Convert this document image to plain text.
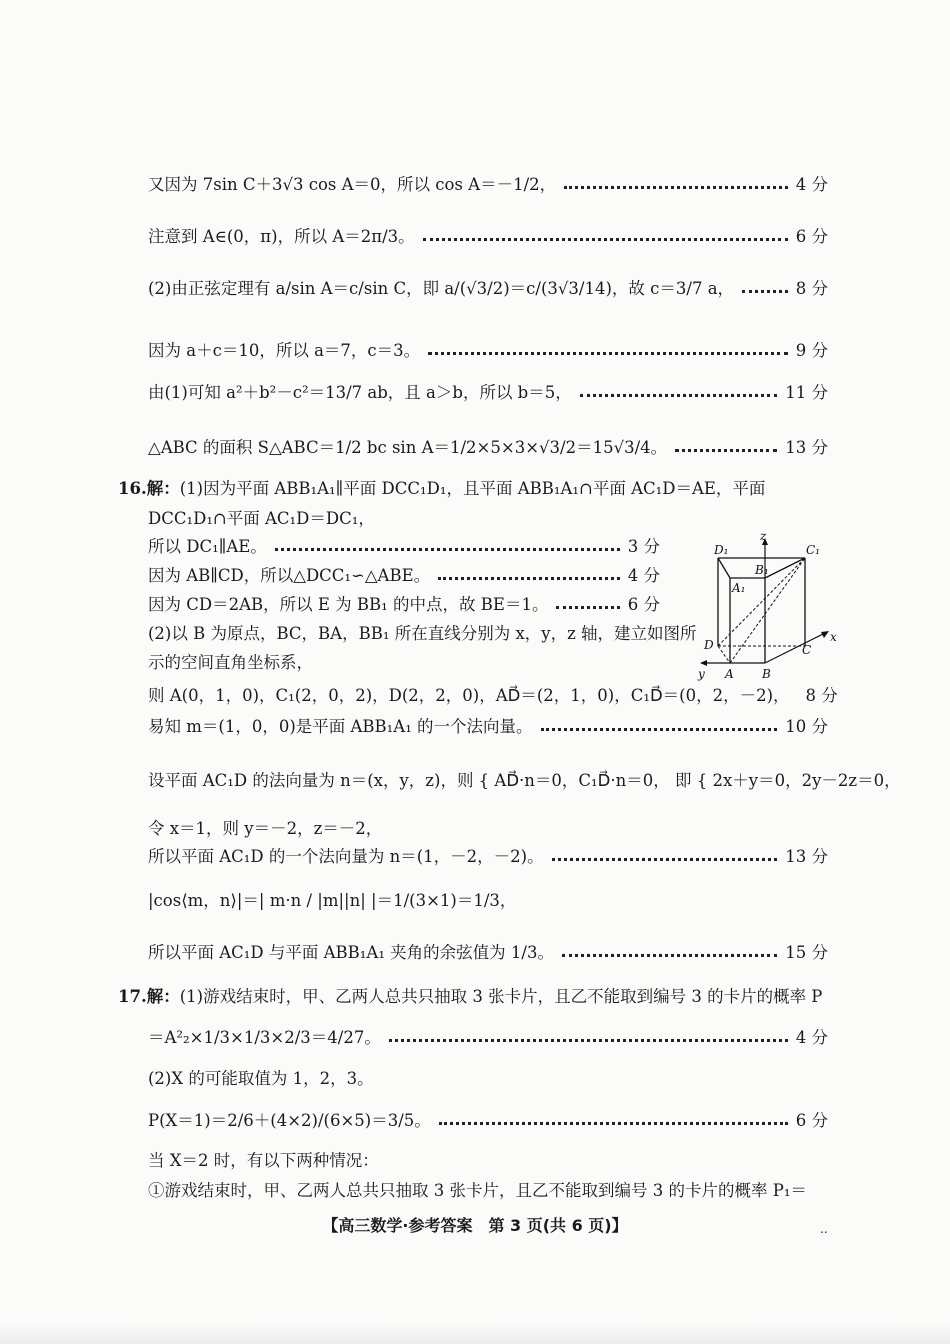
又因为 7sin C＋3√3 cos A＝0，所以 cos A＝－1/2，	4 分
注意到 A∈(0，π)，所以 A＝2π/3。	6 分
(2)由正弦定理有 a/sin A＝c/sin C，即 a/(√3/2)＝c/(3√3/14)，故 c＝3/7 a，	8 分
因为 a＋c＝10，所以 a＝7，c＝3。	9 分
由(1)可知 a²＋b²－c²＝13/7 ab，且 a＞b，所以 b＝5，	11 分
△ABC 的面积 S△ABC＝1/2 bc sin A＝1/2×5×3×√3/2＝15√3/4。	13 分
16.解：(1)因为平面 ABB₁A₁∥平面 DCC₁D₁，且平面 ABB₁A₁∩平面 AC₁D＝AE，平面
DCC₁D₁∩平面 AC₁D＝DC₁，
所以 DC₁∥AE。	3 分
因为 AB∥CD，所以△DCC₁∽△ABE。	4 分
因为 CD＝2AB，所以 E 为 BB₁ 的中点，故 BE＝1。	6 分
(2)以 B 为原点，BC，BA，BB₁ 所在直线分别为 x，y，z 轴，建立如图所
示的空间直角坐标系，
D₁
z
C₁
B₁
A₁
D	C
x
y A B
则 A(0，1，0)，C₁(2，0，2)，D(2，2，0)，AD⃗＝(2，1，0)，C₁D⃗＝(0，2，－2)， 8 分
易知 m＝(1，0，0)是平面 ABB₁A₁ 的一个法向量。	10 分
设平面 AC₁D 的法向量为 n＝(x，y，z)，则 { AD⃗·n＝0，C₁D⃗·n＝0， 即 { 2x＋y＝0，2y－2z＝0，
令 x＝1，则 y＝－2，z＝－2，
所以平面 AC₁D 的一个法向量为 n＝(1，－2，－2)。	13 分
|cos⟨m，n⟩|＝| m·n / |m||n| |＝1/(3×1)＝1/3，
所以平面 AC₁D 与平面 ABB₁A₁ 夹角的余弦值为 1/3。	15 分
17.解：(1)游戏结束时，甲、乙两人总共只抽取 3 张卡片，且乙不能取到编号 3 的卡片的概率 P
＝A²₂×1/3×1/3×2/3＝4/27。	4 分
(2)X 的可能取值为 1，2，3。
P(X＝1)＝2/6＋(4×2)/(6×5)＝3/5。	6 分
当 X＝2 时，有以下两种情况：
①游戏结束时，甲、乙两人总共只抽取 3 张卡片，且乙不能取到编号 3 的卡片的概率 P₁＝
【高三数学·参考答案　第 3 页(共 6 页)】	..
